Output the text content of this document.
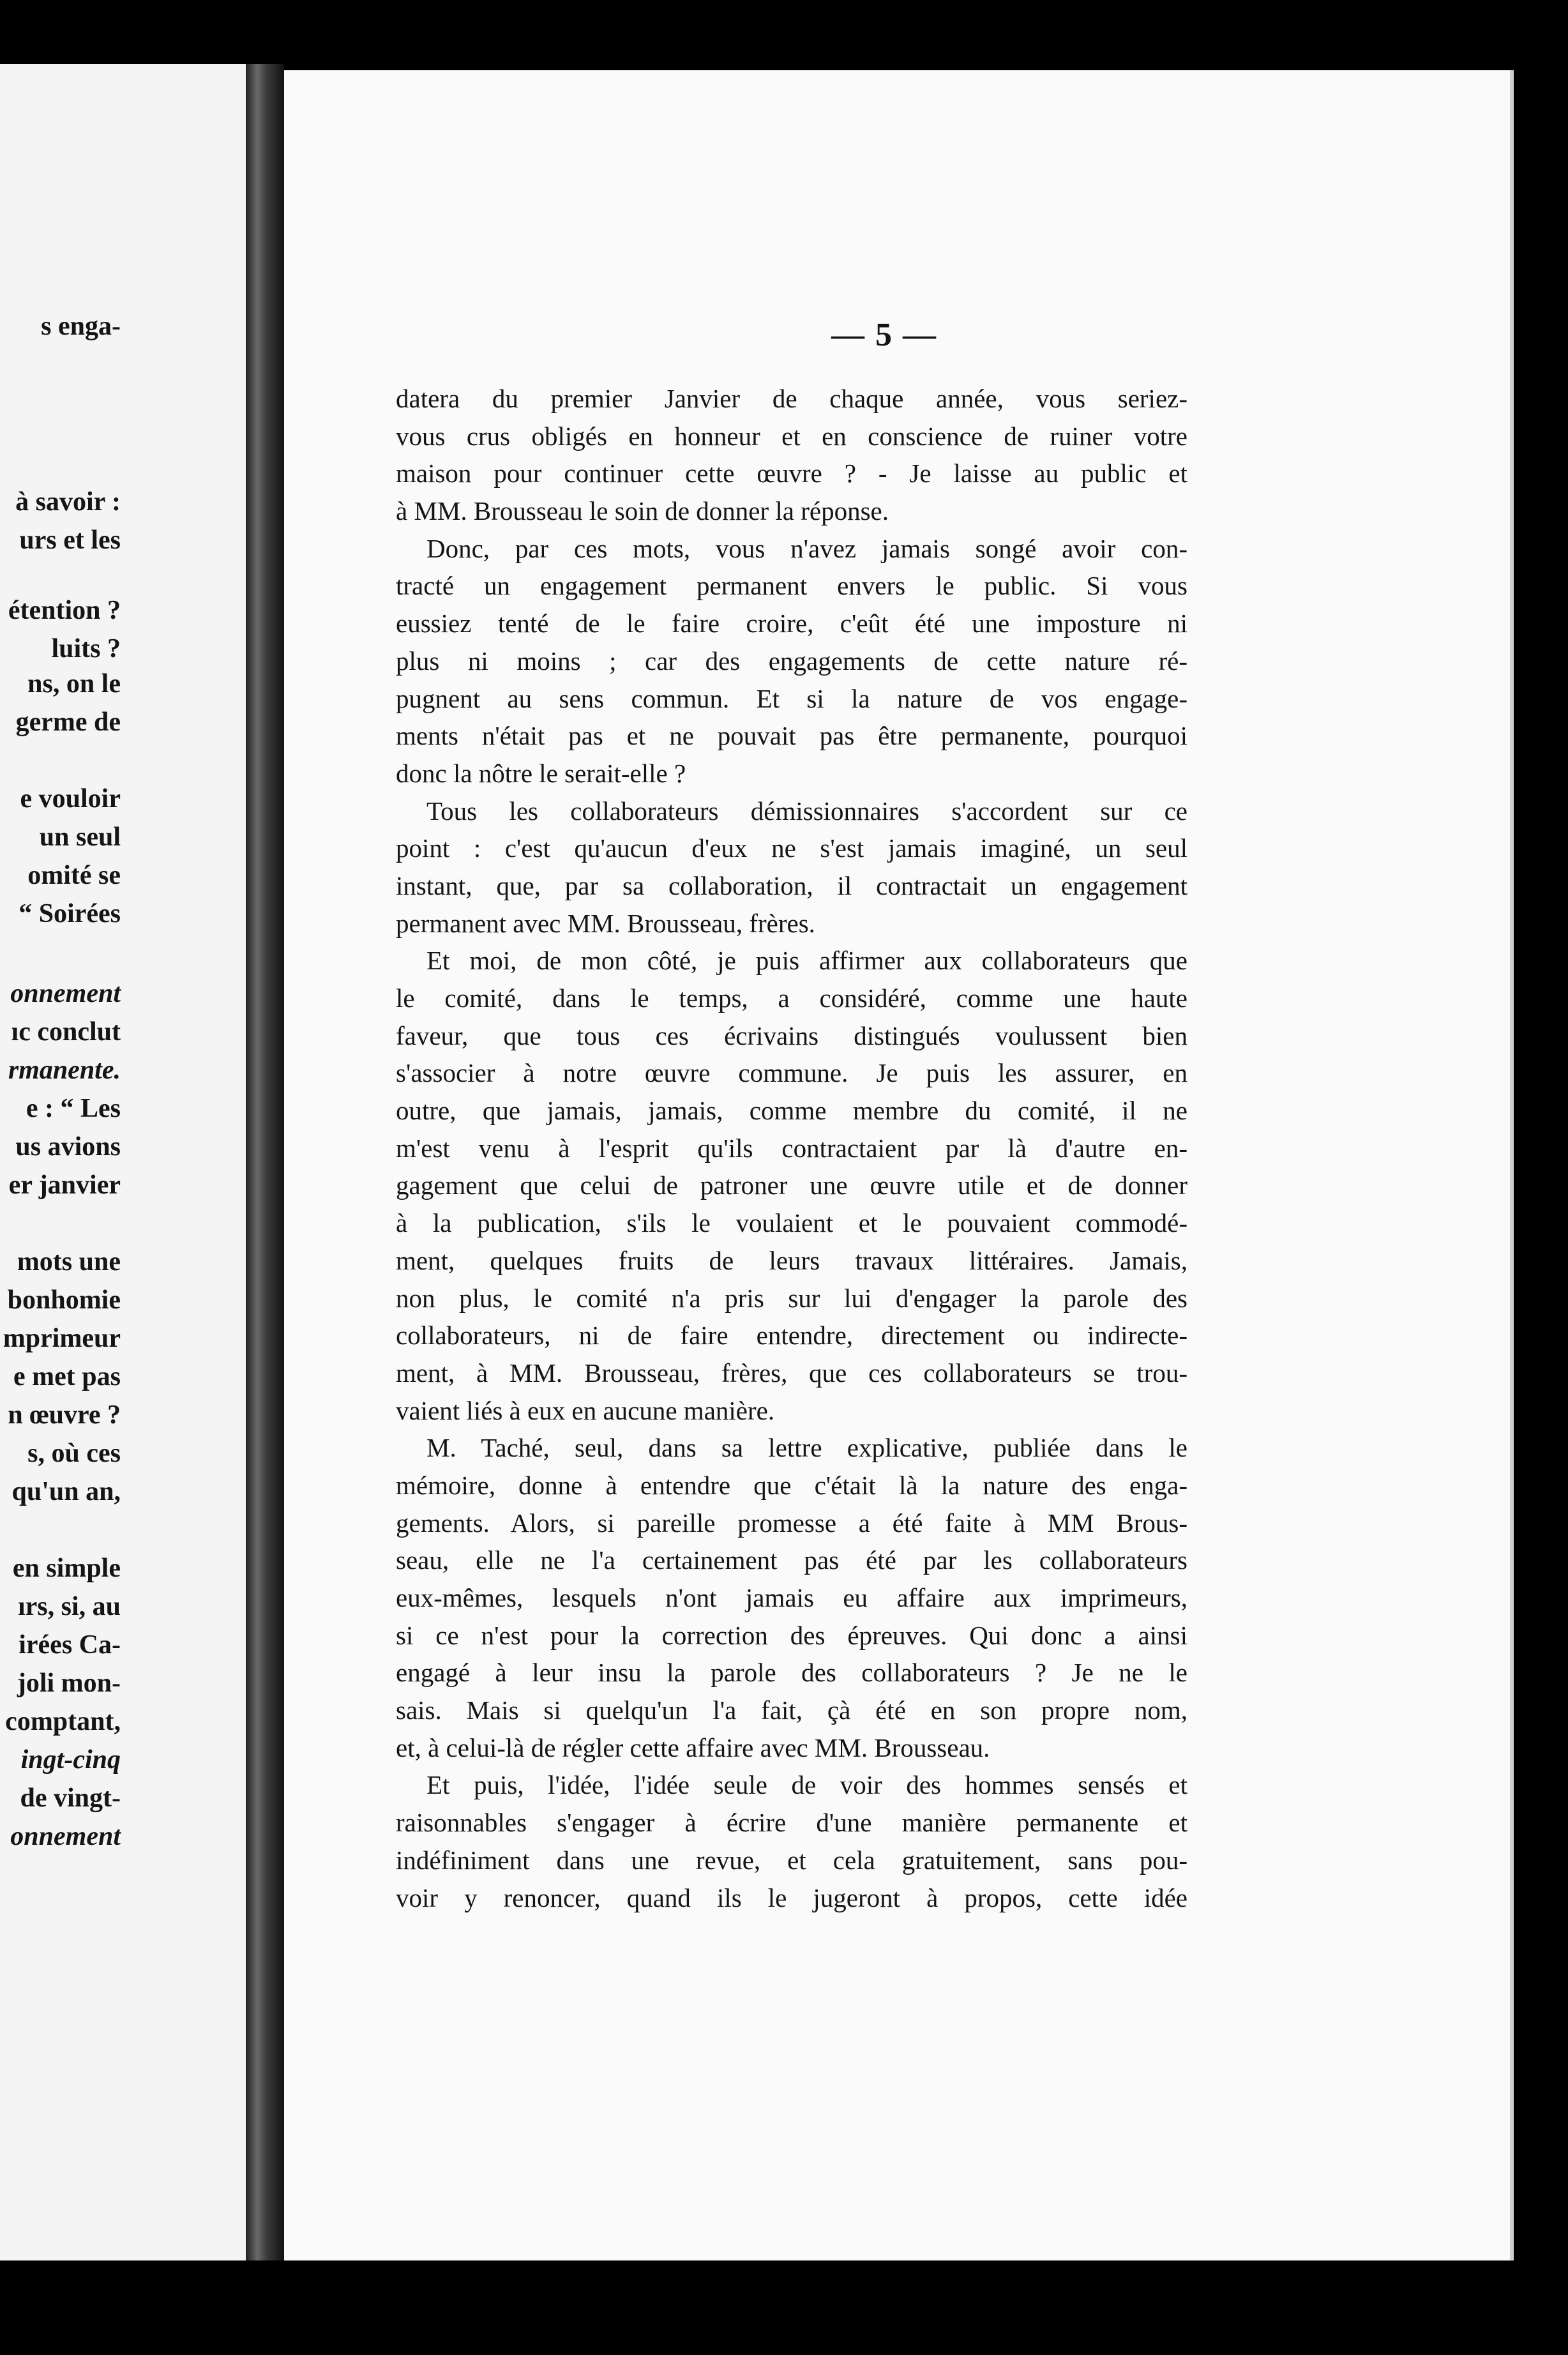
s enga-
à savoir :
urs et les
étention ?
luits ?
ns, on le
germe de
e vouloir
un seul
omité se
“ Soirées
onnement
ıc conclut
rmanente.
e : “ Les
us avions
er janvier
mots une
bonhomie
mprimeur
e met pas
n œuvre ?
s, où ces
qu'un an,
en simple
ırs, si, au
irées Ca-
joli mon-
comptant,
ingt-cinq
de vingt-
onnement
— 5 —
datera du premier Janvier de chaque année, vous seriez-
vous crus obligés en honneur et en conscience de ruiner votre
maison pour continuer cette œuvre ? - Je laisse au public et
à MM. Brousseau le soin de donner la réponse.
Donc, par ces mots, vous n'avez jamais songé avoir con-
tracté un engagement permanent envers le public. Si vous
eussiez tenté de le faire croire, c'eût été une imposture ni
plus ni moins ; car des engagements de cette nature ré-
pugnent au sens commun. Et si la nature de vos engage-
ments n'était pas et ne pouvait pas être permanente, pourquoi
donc la nôtre le serait-elle ?
Tous les collaborateurs démissionnaires s'accordent sur ce
point : c'est qu'aucun d'eux ne s'est jamais imaginé, un seul
instant, que, par sa collaboration, il contractait un engagement
permanent avec MM. Brousseau, frères.
Et moi, de mon côté, je puis affirmer aux collaborateurs que
le comité, dans le temps, a considéré, comme une haute
faveur, que tous ces écrivains distingués voulussent bien
s'associer à notre œuvre commune. Je puis les assurer, en
outre, que jamais, jamais, comme membre du comité, il ne
m'est venu à l'esprit qu'ils contractaient par là d'autre en-
gagement que celui de patroner une œuvre utile et de donner
à la publication, s'ils le voulaient et le pouvaient commodé-
ment, quelques fruits de leurs travaux littéraires. Jamais,
non plus, le comité n'a pris sur lui d'engager la parole des
collaborateurs, ni de faire entendre, directement ou indirecte-
ment, à MM. Brousseau, frères, que ces collaborateurs se trou-
vaient liés à eux en aucune manière.
M. Taché, seul, dans sa lettre explicative, publiée dans le
mémoire, donne à entendre que c'était là la nature des enga-
gements. Alors, si pareille promesse a été faite à MM Brous-
seau, elle ne l'a certainement pas été par les collaborateurs
eux-mêmes, lesquels n'ont jamais eu affaire aux imprimeurs,
si ce n'est pour la correction des épreuves. Qui donc a ainsi
engagé à leur insu la parole des collaborateurs ? Je ne le
sais. Mais si quelqu'un l'a fait, çà été en son propre nom,
et, à celui-là de régler cette affaire avec MM. Brousseau.
Et puis, l'idée, l'idée seule de voir des hommes sensés et
raisonnables s'engager à écrire d'une manière permanente et
indéfiniment dans une revue, et cela gratuitement, sans pou-
voir y renoncer, quand ils le jugeront à propos, cette idée
